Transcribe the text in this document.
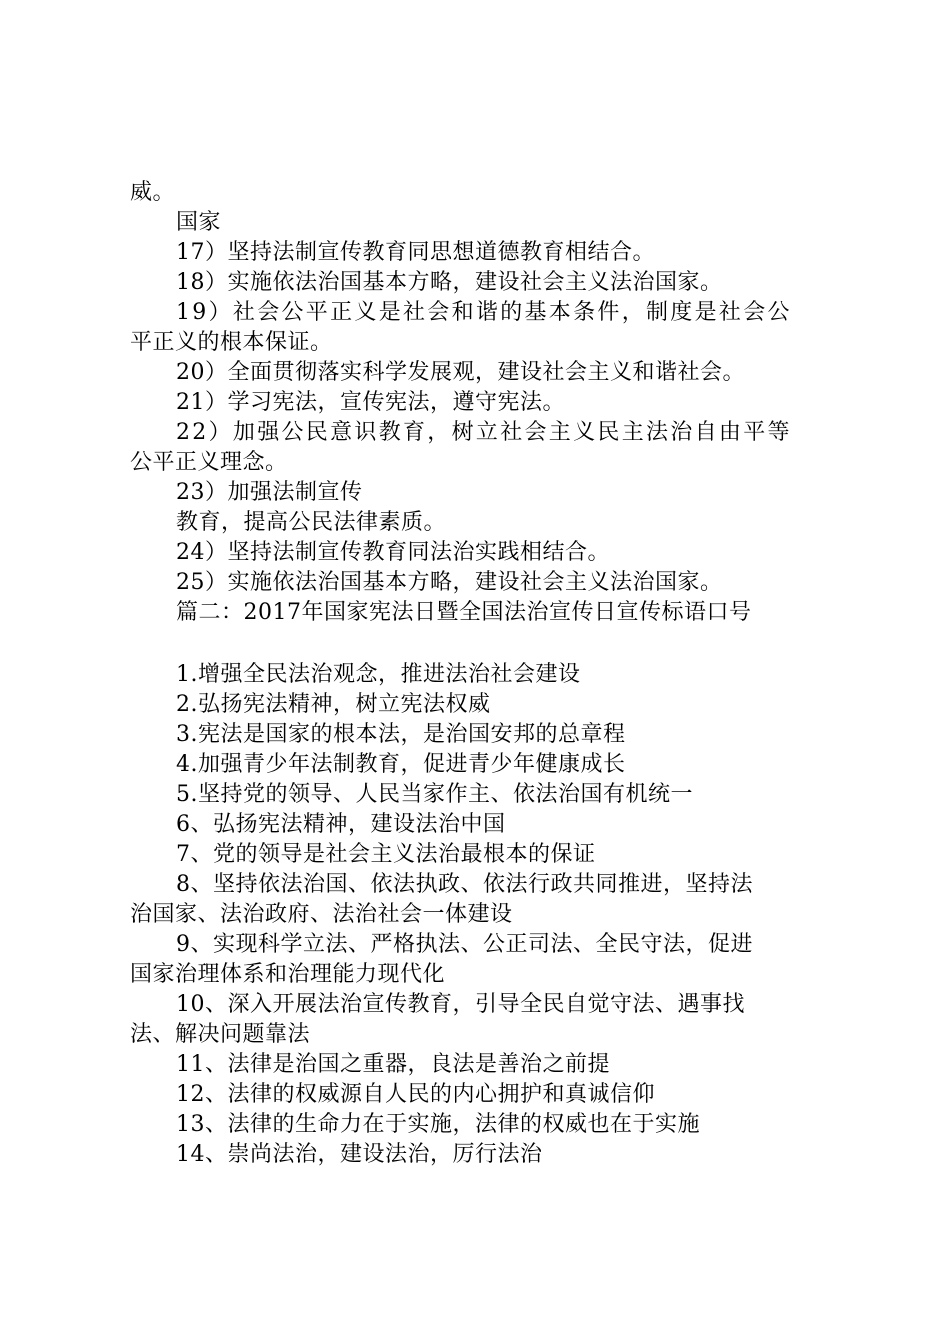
威。
国家
17）坚持法制宣传教育同思想道德教育相结合。
18）实施依法治国基本方略，建设社会主义法治国家。
19）社会公平正义是社会和谐的基本条件，制度是社会公
平正义的根本保证。
20）全面贯彻落实科学发展观，建设社会主义和谐社会。
21）学习宪法，宣传宪法，遵守宪法。
22）加强公民意识教育，树立社会主义民主法治自由平等
公平正义理念。
23）加强法制宣传
教育，提高公民法律素质。
24）坚持法制宣传教育同法治实践相结合。
25）实施依法治国基本方略，建设社会主义法治国家。
篇二：2017年国家宪法日暨全国法治宣传日宣传标语口号
1.增强全民法治观念，推进法治社会建设
2.弘扬宪法精神，树立宪法权威
3.宪法是国家的根本法，是治国安邦的总章程
4.加强青少年法制教育，促进青少年健康成长
5.坚持党的领导、人民当家作主、依法治国有机统一
6、弘扬宪法精神，建设法治中国
7、党的领导是社会主义法治最根本的保证
8、坚持依法治国、依法执政、依法行政共同推进，坚持法
治国家、法治政府、法治社会一体建设
9、实现科学立法、严格执法、公正司法、全民守法，促进
国家治理体系和治理能力现代化
10、深入开展法治宣传教育，引导全民自觉守法、遇事找
法、解决问题靠法
11、法律是治国之重器，良法是善治之前提
12、法律的权威源自人民的内心拥护和真诚信仰
13、法律的生命力在于实施，法律的权威也在于实施
14、崇尚法治，建设法治，厉行法治
